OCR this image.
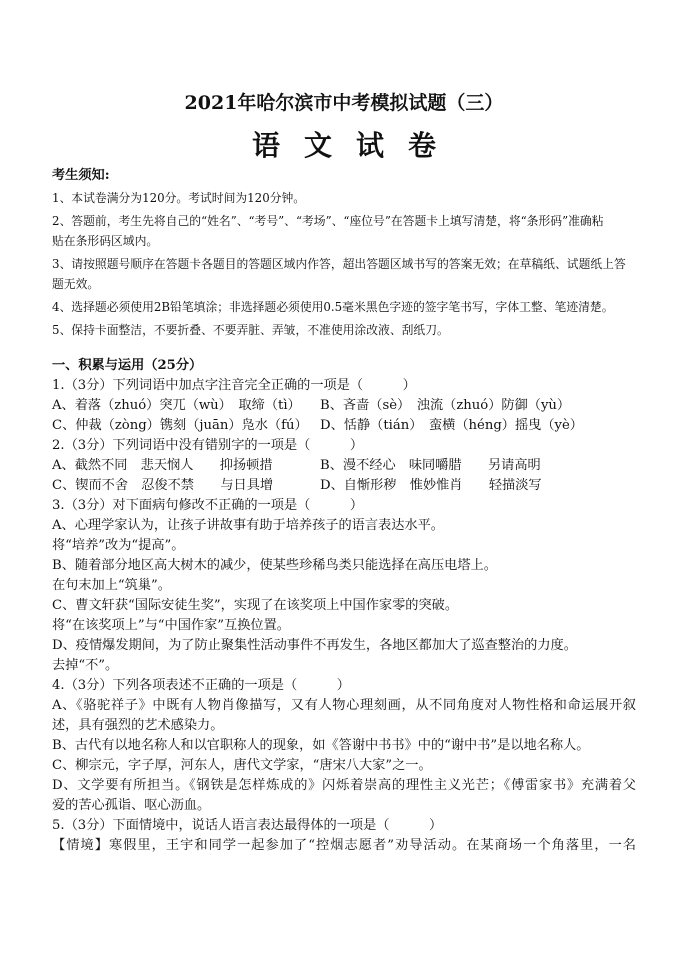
2021年哈尔滨市中考模拟试题（三）
语文试卷
考生须知:
1、本试卷满分为120分。考试时间为120分钟。
2、答题前，考生先将自己的“姓名”、“考号”、“考场”、“座位号”在答题卡上填写清楚，将“条形码”准确粘
贴在条形码区域内。
3、请按照题号顺序在答题卡各题目的答题区域内作答，超出答题区域书写的答案无效；在草稿纸、试题纸上答
题无效。
4、选择题必须使用2B铅笔填涂；非选择题必须使用0.5毫米黑色字迹的签字笔书写，字体工整、笔迹清楚。
5、保持卡面整洁，不要折叠、不要弄脏、弄皱，不准使用涂改液、刮纸刀。
一、积累与运用（25分）
1.（3分）下列词语中加点字注音完全正确的一项是（　　　）
A、着落（zhuó）突兀（wù）　取缔（tì）	B、吝啬（sè）　浊流（zhuó）防御（yù）
C、仲裁（zòng）镌刻（juān）凫水（fú） D、恬静（tián）　蛮横（héng）摇曳（yè）
2.（3分）下列词语中没有错别字的一项是（　　　）
A、截然不同　悲天悯人　　抑扬顿措	B、漫不经心　味同嚼腊　　另请高明
C、锲而不舍　忍俊不禁　　与日具增	D、自惭形秽　惟妙惟肖　　轻描淡写
3.（3分）对下面病句修改不正确的一项是（　　　）
A、心理学家认为，让孩子讲故事有助于培养孩子的语言表达水平。
将“培养”改为“提高”。
B、随着部分地区高大树木的减少，使某些珍稀鸟类只能选择在高压电塔上。
在句末加上“筑巢”。
C、曹文轩获“国际安徒生奖”，实现了在该奖项上中国作家零的突破。
将“在该奖项上”与“中国作家”互换位置。
D、疫情爆发期间，为了防止聚集性活动事件不再发生，各地区都加大了巡查整治的力度。
去掉“不”。
4.（3分）下列各项表述不正确的一项是（　　　）
A、《骆驼祥子》中既有人物肖像描写，又有人物心理刻画，从不同角度对人物性格和命运展开叙
述，具有强烈的艺术感染力。
B、古代有以地名称人和以官职称人的现象，如《答谢中书书》中的“谢中书”是以地名称人。
C、柳宗元，字子厚，河东人，唐代文学家，“唐宋八大家”之一。
D、文学要有所担当。《钢铁是怎样炼成的》闪烁着崇高的理性主义光芒；《傅雷家书》充满着父
爱的苦心孤诣、呕心沥血。
5.（3分）下面情境中，说话人语言表达最得体的一项是（　　　）
【情境】寒假里，王宇和同学一起参加了“控烟志愿者”劝导活动。在某商场一个角落里，一名
